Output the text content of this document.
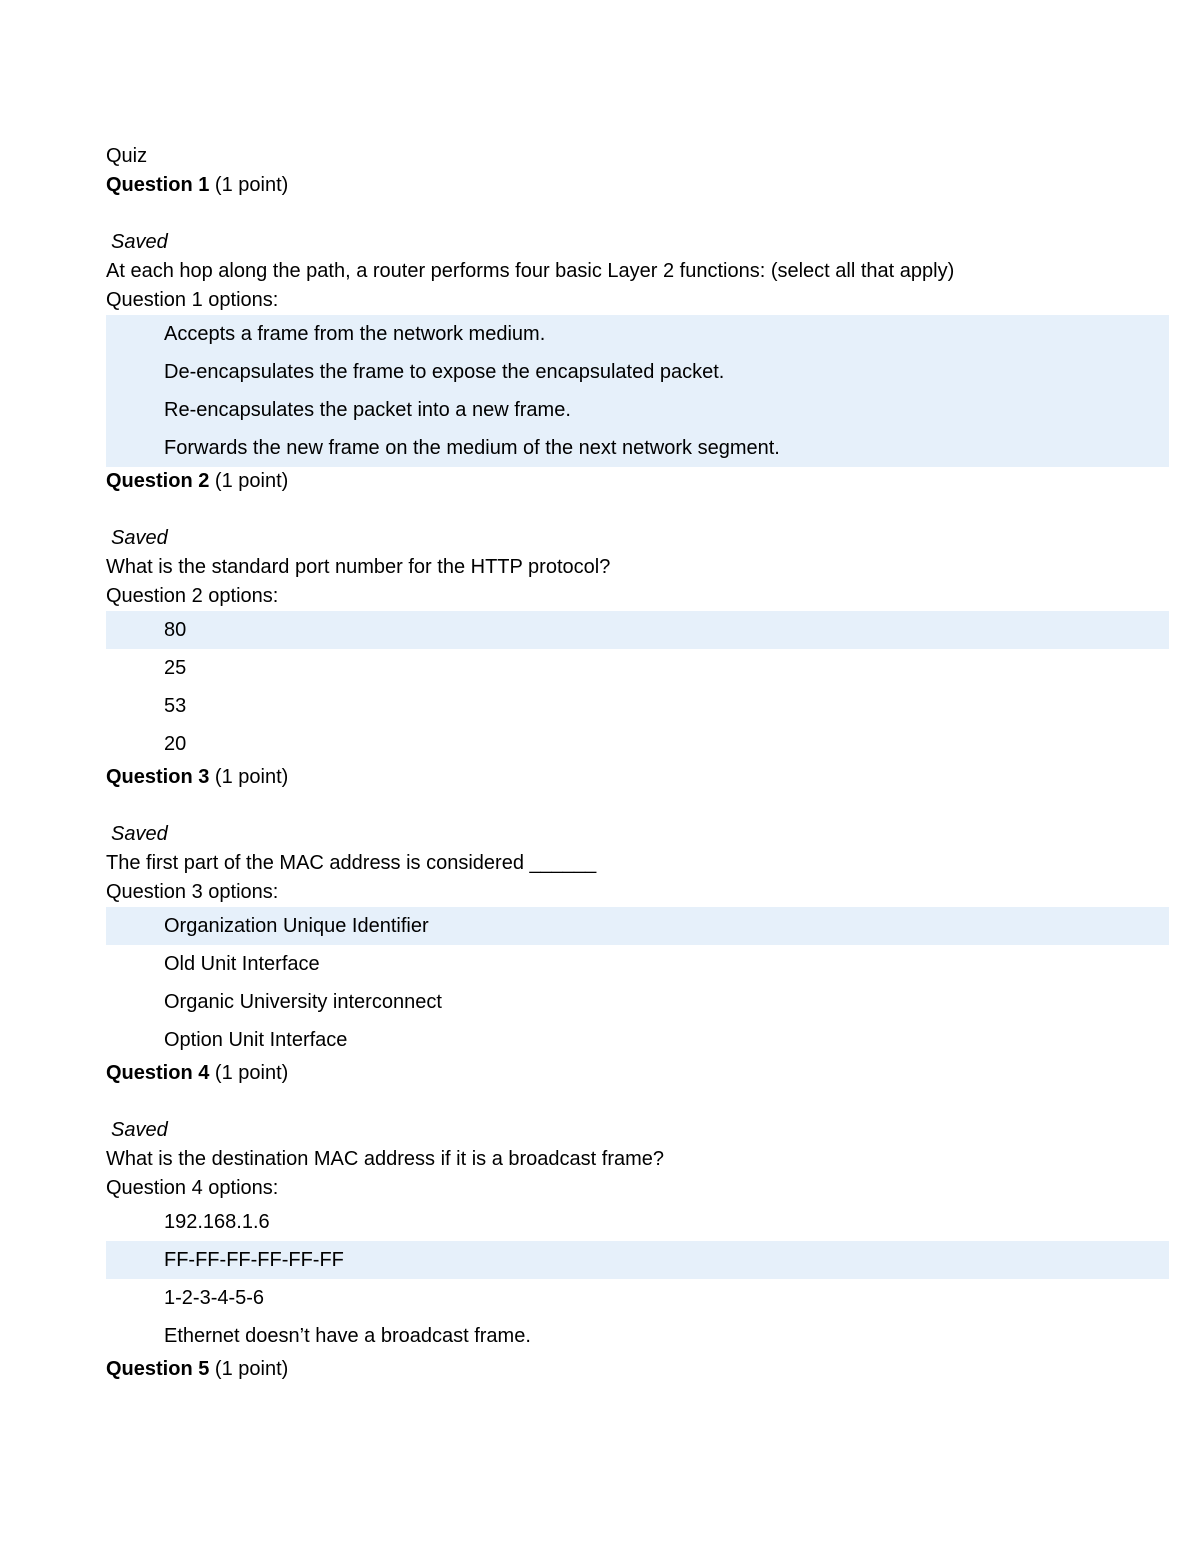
Quiz
Question 1 (1 point)
Saved
At each hop along the path, a router performs four basic Layer 2 functions: (select all that apply)
Question 1 options:
Accepts a frame from the network medium.
De-encapsulates the frame to expose the encapsulated packet.
Re-encapsulates the packet into a new frame.
Forwards the new frame on the medium of the next network segment.
Question 2 (1 point)
Saved
What is the standard port number for the HTTP protocol?
Question 2 options:
80
25
53
20
Question 3 (1 point)
Saved
The first part of the MAC address is considered ______
Question 3 options:
Organization Unique Identifier
Old Unit Interface
Organic University interconnect
Option Unit Interface
Question 4 (1 point)
Saved
What is the destination MAC address if it is a broadcast frame?
Question 4 options:
192.168.1.6
FF-FF-FF-FF-FF-FF
1-2-3-4-5-6
Ethernet doesn’t have a broadcast frame.
Question 5 (1 point)
